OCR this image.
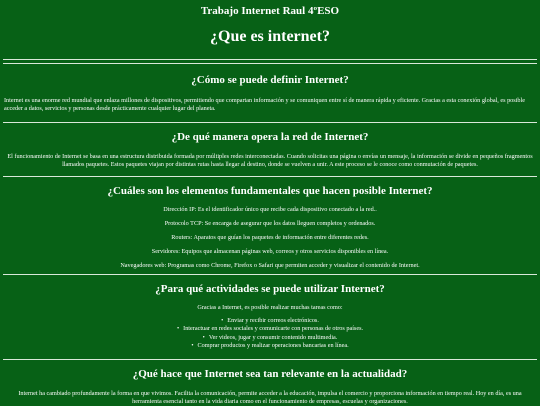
Trabajo Internet Raul 4ºESO
¿Que es internet?
¿Cómo se puede definir Internet?

Internet es una enorme red mundial que enlaza millones de dispositivos, permitiendo que compartan información y se comuniquen entre sí de manera rápida y eficiente. Gracias a esta conexión global, es posible acceder a datos, servicios y personas desde prácticamente cualquier lugar del planeta.

¿De qué manera opera la red de Internet?

El funcionamiento de Internet se basa en una estructura distribuida formada por múltiples redes interconectadas. Cuando solicitas una página o envías un mensaje, la información se divide en pequeños fragmentos llamados paquetes. Estos paquetes viajan por distintas rutas hasta llegar al destino, donde se vuelven a unir. A este proceso se le conoce como conmutación de paquetes.

¿Cuáles son los elementos fundamentales que hacen posible Internet?

Dirección IP: Es el identificador único que recibe cada dispositivo conectado a la red..

Protocolo TCP: Se encarga de asegurar que los datos lleguen completos y ordenados.

Routers: Aparatos que guían los paquetes de información entre diferentes redes.

Servidores: Equipos que almacenan páginas web, correos y otros servicios disponibles en línea.

Navegadores web: Programas como Chrome, Firefox o Safari que permiten acceder y visualizar el contenido de Internet.

¿Para qué actividades se puede utilizar Internet?

Gracias a Internet, es posible realizar muchas tareas como:

• Enviar y recibir correos electrónicos.
• Interactuar en redes sociales y comunicarte con personas de otros países.
• Ver videos, jugar y consumir contenido multimedia.
• Comprar productos y realizar operaciones bancarias en línea.
¿Qué hace que Internet sea tan relevante en la actualidad?

Internet ha cambiado profundamente la forma en que vivimos. Facilita la comunicación, permite acceder a la educación, impulsa el comercio y proporciona información en tiempo real. Hoy en día, es una herramienta esencial tanto en la vida diaria como en el funcionamiento de empresas, escuelas y organizaciones.
